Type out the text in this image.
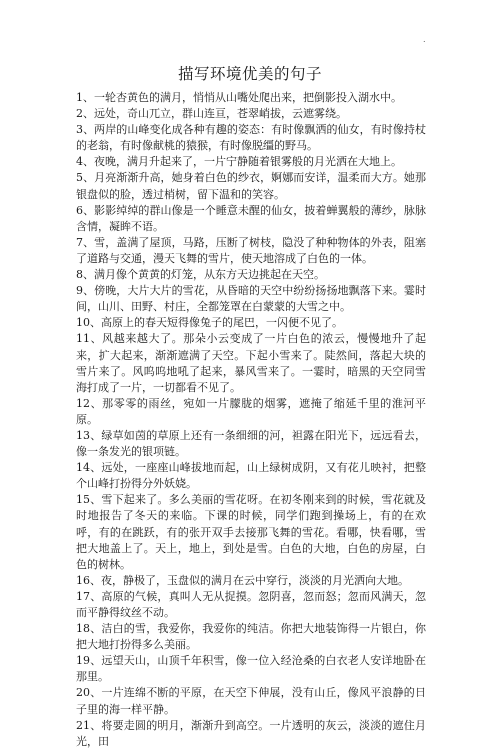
.
描写环境优美的句子

1、一轮杏黄色的满月，悄悄从山嘴处爬出来，把倒影投入湖水中。

2、远处，奇山兀立，群山连亘，苍翠峭拔，云遮雾绕。

3、两岸的山峰变化成各种有趣的姿态：有时像飘洒的仙女，有时像持杖的老翁，有时像献桃的猿猴，有时像脱缰的野马。

4、夜晚，满月升起来了，一片宁静随着银雾般的月光洒在大地上。

5、月亮渐渐升高，她身着白色的纱衣，婀娜而安详，温柔而大方。她那银盘似的脸，透过梢树，留下温和的笑容。

6、影影绰绰的群山像是一个睡意未醒的仙女，披着蝉翼般的薄纱，脉脉含情，凝眸不语。

7、雪，盖满了屋顶，马路，压断了树枝，隐没了种种物体的外表，阻塞了道路与交通，漫天飞舞的雪片，使天地溶成了白色的一体。

8、满月像个黄黄的灯笼，从东方天边挑起在天空。

9、傍晚，大片大片的雪花，从昏暗的天空中纷纷扬扬地飘落下来。霎时间，山川、田野、村庄，全都笼罩在白蒙蒙的大雪之中。

10、高原上的春天短得像兔子的尾巴，一闪便不见了。

11、风越来越大了。那朵小云变成了一片白色的浓云，慢慢地升了起来，扩大起来，渐渐遮满了天空。下起小雪来了。陡然间，落起大块的雪片来了。风呜呜地吼了起来，暴风雪来了。一霎时，暗黑的天空同雪海打成了一片，一切都看不见了。

12、那零零的雨丝，宛如一片朦胧的烟雾，遮掩了缩延千里的淮河平原。

13、绿草如茵的草原上还有一条细细的河，袒露在阳光下，远远看去，像一条发光的银项链。

14、远处，一座座山峰拔地而起，山上绿树成阴，又有花儿映衬，把整个山峰打扮得分外妖娆。

15、雪下起来了。多么美丽的雪花呀。在初冬刚来到的时候，雪花就及时地报告了冬天的来临。下课的时候，同学们跑到操场上，有的在欢呼，有的在跳跃，有的张开双手去接那飞舞的雪花。看哪，快看哪，雪把大地盖上了。天上，地上，到处是雪。白色的大地，白色的房屋，白色的树林。

16、夜，静极了，玉盘似的满月在云中穿行，淡淡的月光洒向大地。

17、高原的气候，真叫人无从捉摸。忽阴喜，忽而怒；忽而风满天，忽而平静得纹丝不动。

18、洁白的雪，我爱你，我爱你的纯洁。你把大地装饰得一片银白，你把大地打扮得多么美丽。

19、远望天山，山顶千年积雪，像一位入经沧桑的白衣老人安详地卧在那里。

20、一片连绵不断的平原，在天空下伸展，没有山丘，像风平浪静的日子里的海一样平静。

21、将要走圆的明月，渐渐升到高空。一片透明的灰云，淡淡的遮住月光，田
